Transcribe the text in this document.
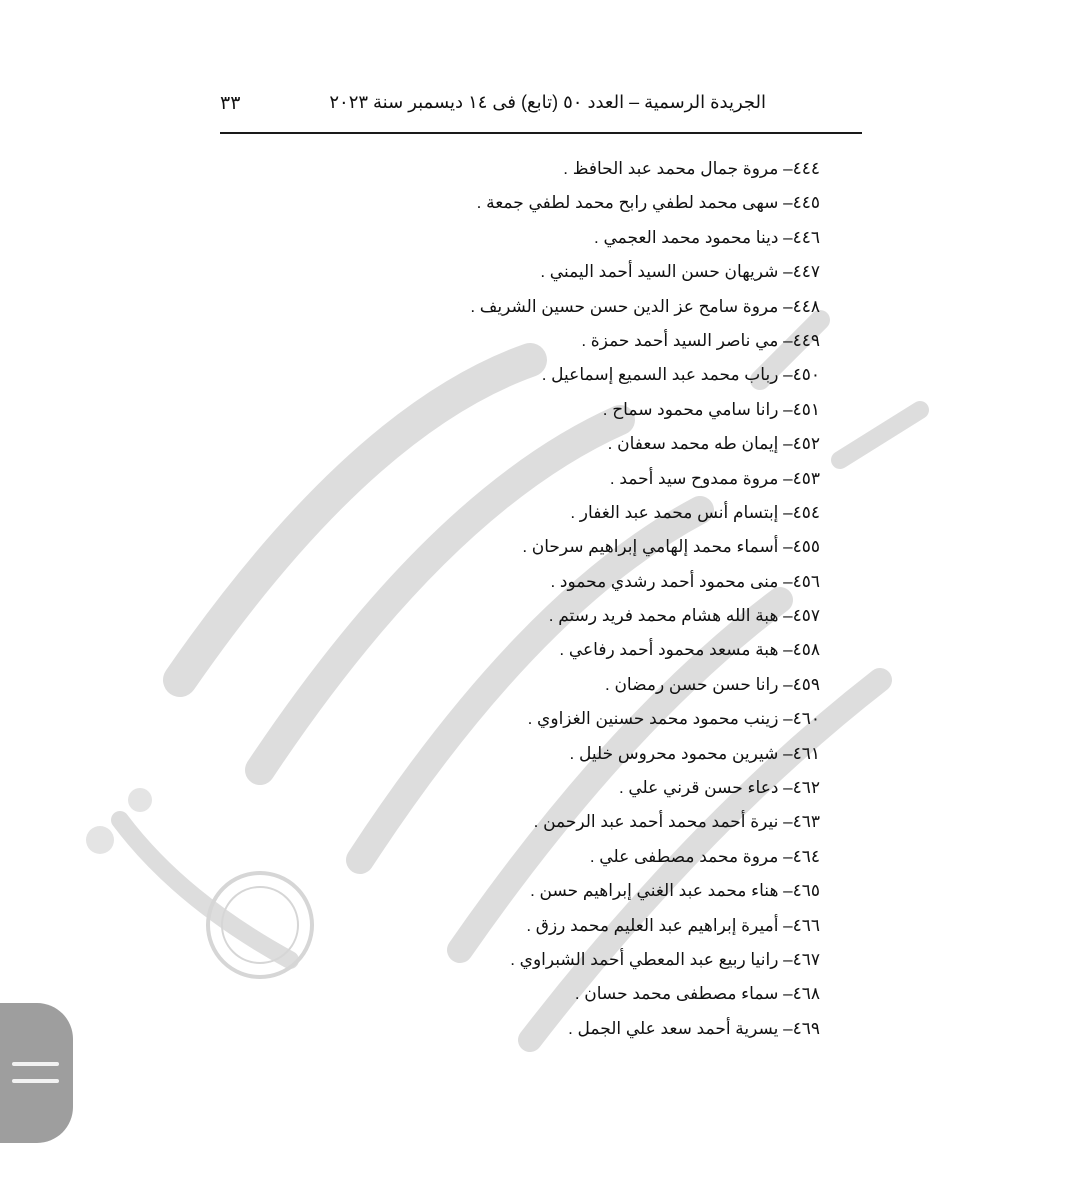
الجريدة الرسمية – العدد ٥٠ (تابع) فى ١٤ ديسمبر سنة ٢٠٢٣
٣٣
٤٤٤– مروة جمال محمد عبد الحافظ .
٤٤٥– سهى محمد لطفي رابح محمد لطفي جمعة .
٤٤٦– دينا محمود محمد العجمي .
٤٤٧– شريهان حسن السيد أحمد اليمني .
٤٤٨– مروة سامح عز الدين حسن حسين الشريف .
٤٤٩– مي ناصر السيد أحمد حمزة .
٤٥٠– رباب محمد عبد السميع إسماعيل .
٤٥١– رانا سامي محمود سماح .
٤٥٢– إيمان طه محمد سعفان .
٤٥٣– مروة ممدوح سيد أحمد .
٤٥٤– إبتسام أنس محمد عبد الغفار .
٤٥٥– أسماء محمد إلهامي إبراهيم سرحان .
٤٥٦– منى محمود أحمد رشدي محمود .
٤٥٧– هبة الله هشام محمد فريد رستم .
٤٥٨– هبة مسعد محمود أحمد رفاعي .
٤٥٩– رانا حسن حسن رمضان .
٤٦٠– زينب محمود محمد حسنين الغزاوي .
٤٦١– شيرين محمود محروس خليل .
٤٦٢– دعاء حسن قرني علي .
٤٦٣– نيرة أحمد محمد أحمد عبد الرحمن .
٤٦٤– مروة محمد مصطفى علي .
٤٦٥– هناء محمد عبد الغني إبراهيم حسن .
٤٦٦– أميرة إبراهيم عبد العليم محمد رزق .
٤٦٧– رانيا ربيع عبد المعطي أحمد الشبراوي .
٤٦٨– سماء مصطفى محمد حسان .
٤٦٩– يسرية أحمد سعد علي الجمل .
